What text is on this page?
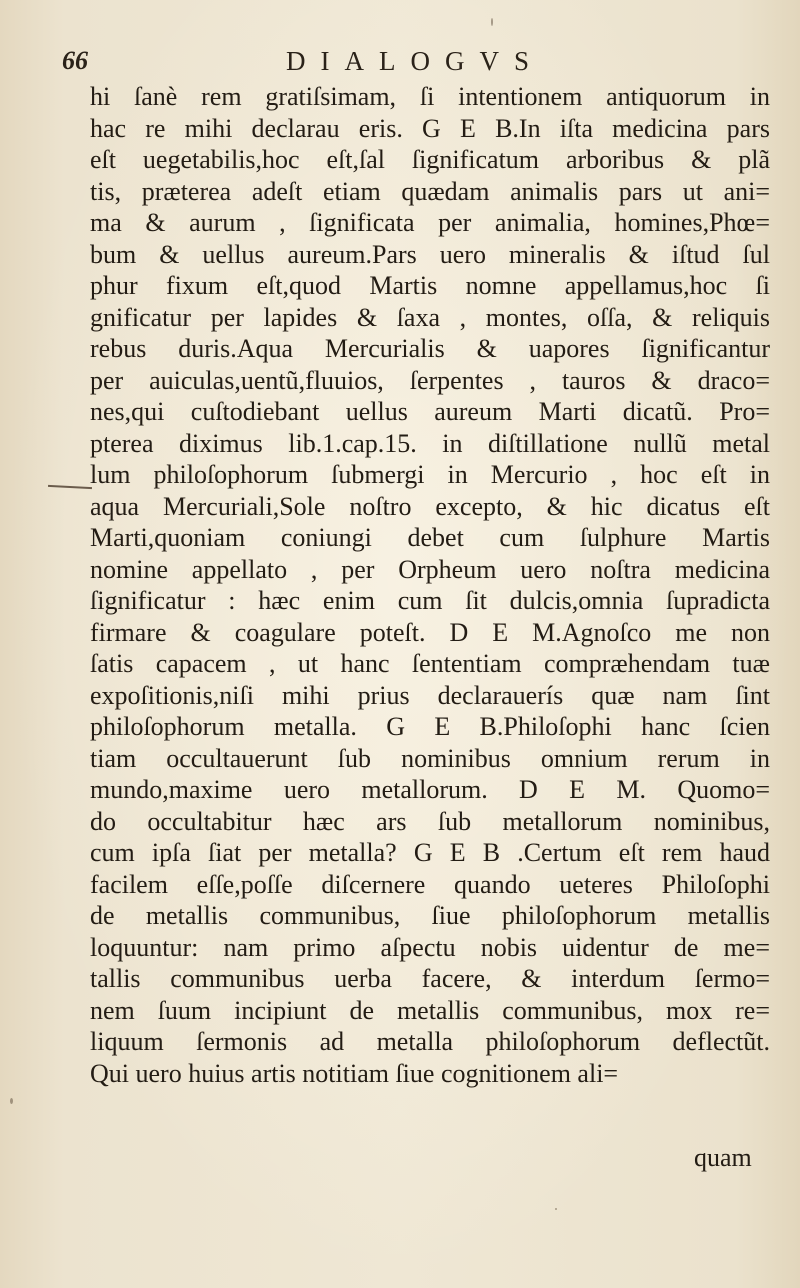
66	DIALOGVS
hi ſanè rem gratiſsimam, ſi intentionem antiquorum in
hac re mihi declarau eris. G E B.In iſta medicina pars
eſt uegetabilis,hoc eſt,ſal ſignificatum arboribus & plã
tis, præterea adeſt etiam quædam animalis pars ut ani=
ma & aurum , ſignificata per animalia, homines,Phœ=
bum & uellus aureum.Pars uero mineralis & iſtud ſul
phur fixum eſt,quod Martis nomne appellamus,hoc ſi
gnificatur per lapides & ſaxa , montes, oſſa, & reliquis
rebus duris.Aqua Mercurialis & uapores ſignificantur
per auiculas,uentũ,fluuios, ſerpentes , tauros & draco=
nes,qui cuſtodiebant uellus aureum Marti dicatũ. Pro=
pterea diximus lib.1.cap.15. in diſtillatione nullũ metal
lum philoſophorum ſubmergi in Mercurio , hoc eſt in
aqua Mercuriali,Sole noſtro excepto, & hic dicatus eſt
Marti,quoniam coniungi debet cum ſulphure Martis
nomine appellato , per Orpheum uero noſtra medicina
ſignificatur : hæc enim cum ſit dulcis,omnia ſupradicta
firmare & coagulare poteſt. D E M.Agnoſco me non
ſatis capacem , ut hanc ſententiam compræhendam tuæ
expoſitionis,niſi mihi prius declarauerís quæ nam ſint
philoſophorum metalla. G E B.Philoſophi hanc ſcien
tiam occultauerunt ſub nominibus omnium rerum in
mundo,maxime uero metallorum. D E M. Quomo=
do occultabitur hæc ars ſub metallorum nominibus,
cum ipſa ſiat per metalla? G E B .Certum eſt rem haud
facilem eſſe,poſſe diſcernere quando ueteres Philoſophi
de metallis communibus, ſiue philoſophorum metallis
loquuntur: nam primo aſpectu nobis uidentur de me=
tallis communibus uerba facere, & interdum ſermo=
nem ſuum incipiunt de metallis communibus, mox re=
liquum ſermonis ad metalla philoſophorum deflectũt.
Qui uero huius artis notitiam ſiue cognitionem ali=
quam
